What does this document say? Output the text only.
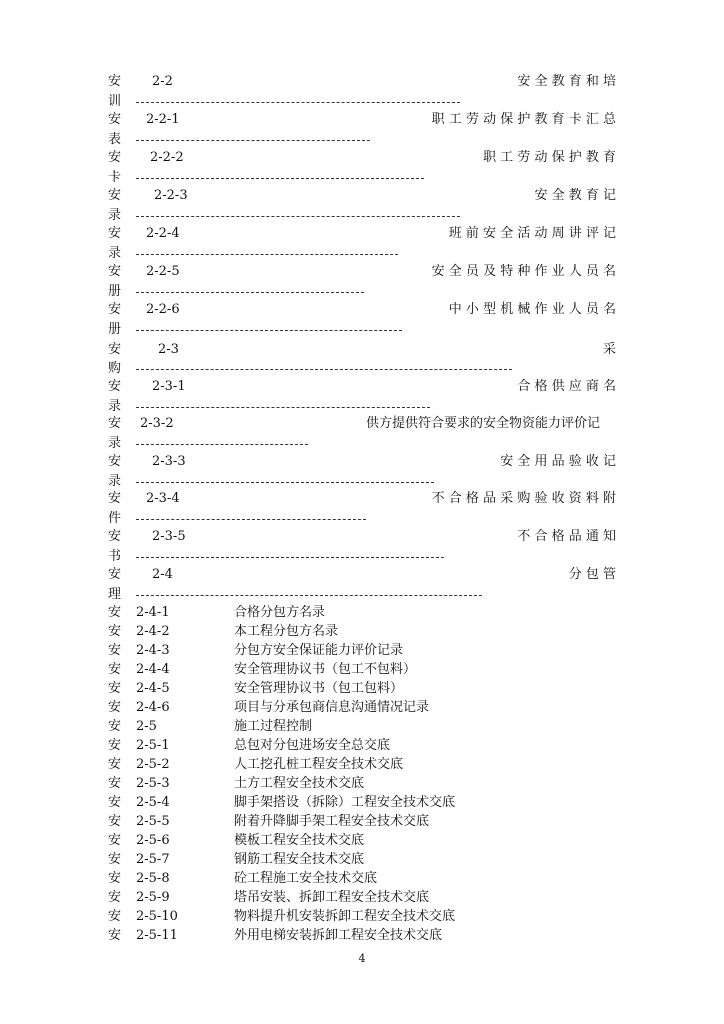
安 2-2	安 全 教 育 和 培
训
安 2-2-1	职 工 劳 动 保 护 教 育 卡 汇 总
表
安 2-2-2	职 工 劳 动 保 护 教 育
卡
安	2-2-3	安 全 教 育 记
录
安 2-2-4	班 前 安 全 活 动 周 讲 评 记
录
安 2-2-5	安 全 员 及 特 种 作 业 人 员 名
册
安 2-2-6	中 小 型 机 械 作 业 人 员 名
册
安	2-3	采
购
安 2-3-1	合 格 供 应 商 名
录
安 2-3-2	供方提供符合要求的安全物资能力评价记
录
安 2-3-3	安 全 用 品 验 收 记
录
安 2-3-4	不 合 格 品 采 购 验 收 资 料 附
件
安 2-3-5	不 合 格 品 通 知
书
安 2-4	分 包 管
理
安 2-4-1	合格分包方名录
安 2-4-2	本工程分包方名录
安 2-4-3	分包方安全保证能力评价记录
安 2-4-4	安全管理协议书（包工不包料）
安 2-4-5	安全管理协议书（包工包料）
安 2-4-6	项目与分承包商信息沟通情况记录
安 2-5	施工过程控制
安 2-5-1	总包对分包进场安全总交底
安 2-5-2	人工挖孔桩工程安全技术交底
安 2-5-3	土方工程安全技术交底
安 2-5-4	脚手架搭设（拆除）工程安全技术交底
安 2-5-5	附着升降脚手架工程安全技术交底
安 2-5-6	模板工程安全技术交底
安 2-5-7	钢筋工程安全技术交底
安 2-5-8	砼工程施工安全技术交底
安 2-5-9	塔吊安装、拆卸工程安全技术交底
安 2-5-10	物料提升机安装拆卸工程安全技术交底
安 2-5-11	外用电梯安装拆卸工程安全技术交底
4
